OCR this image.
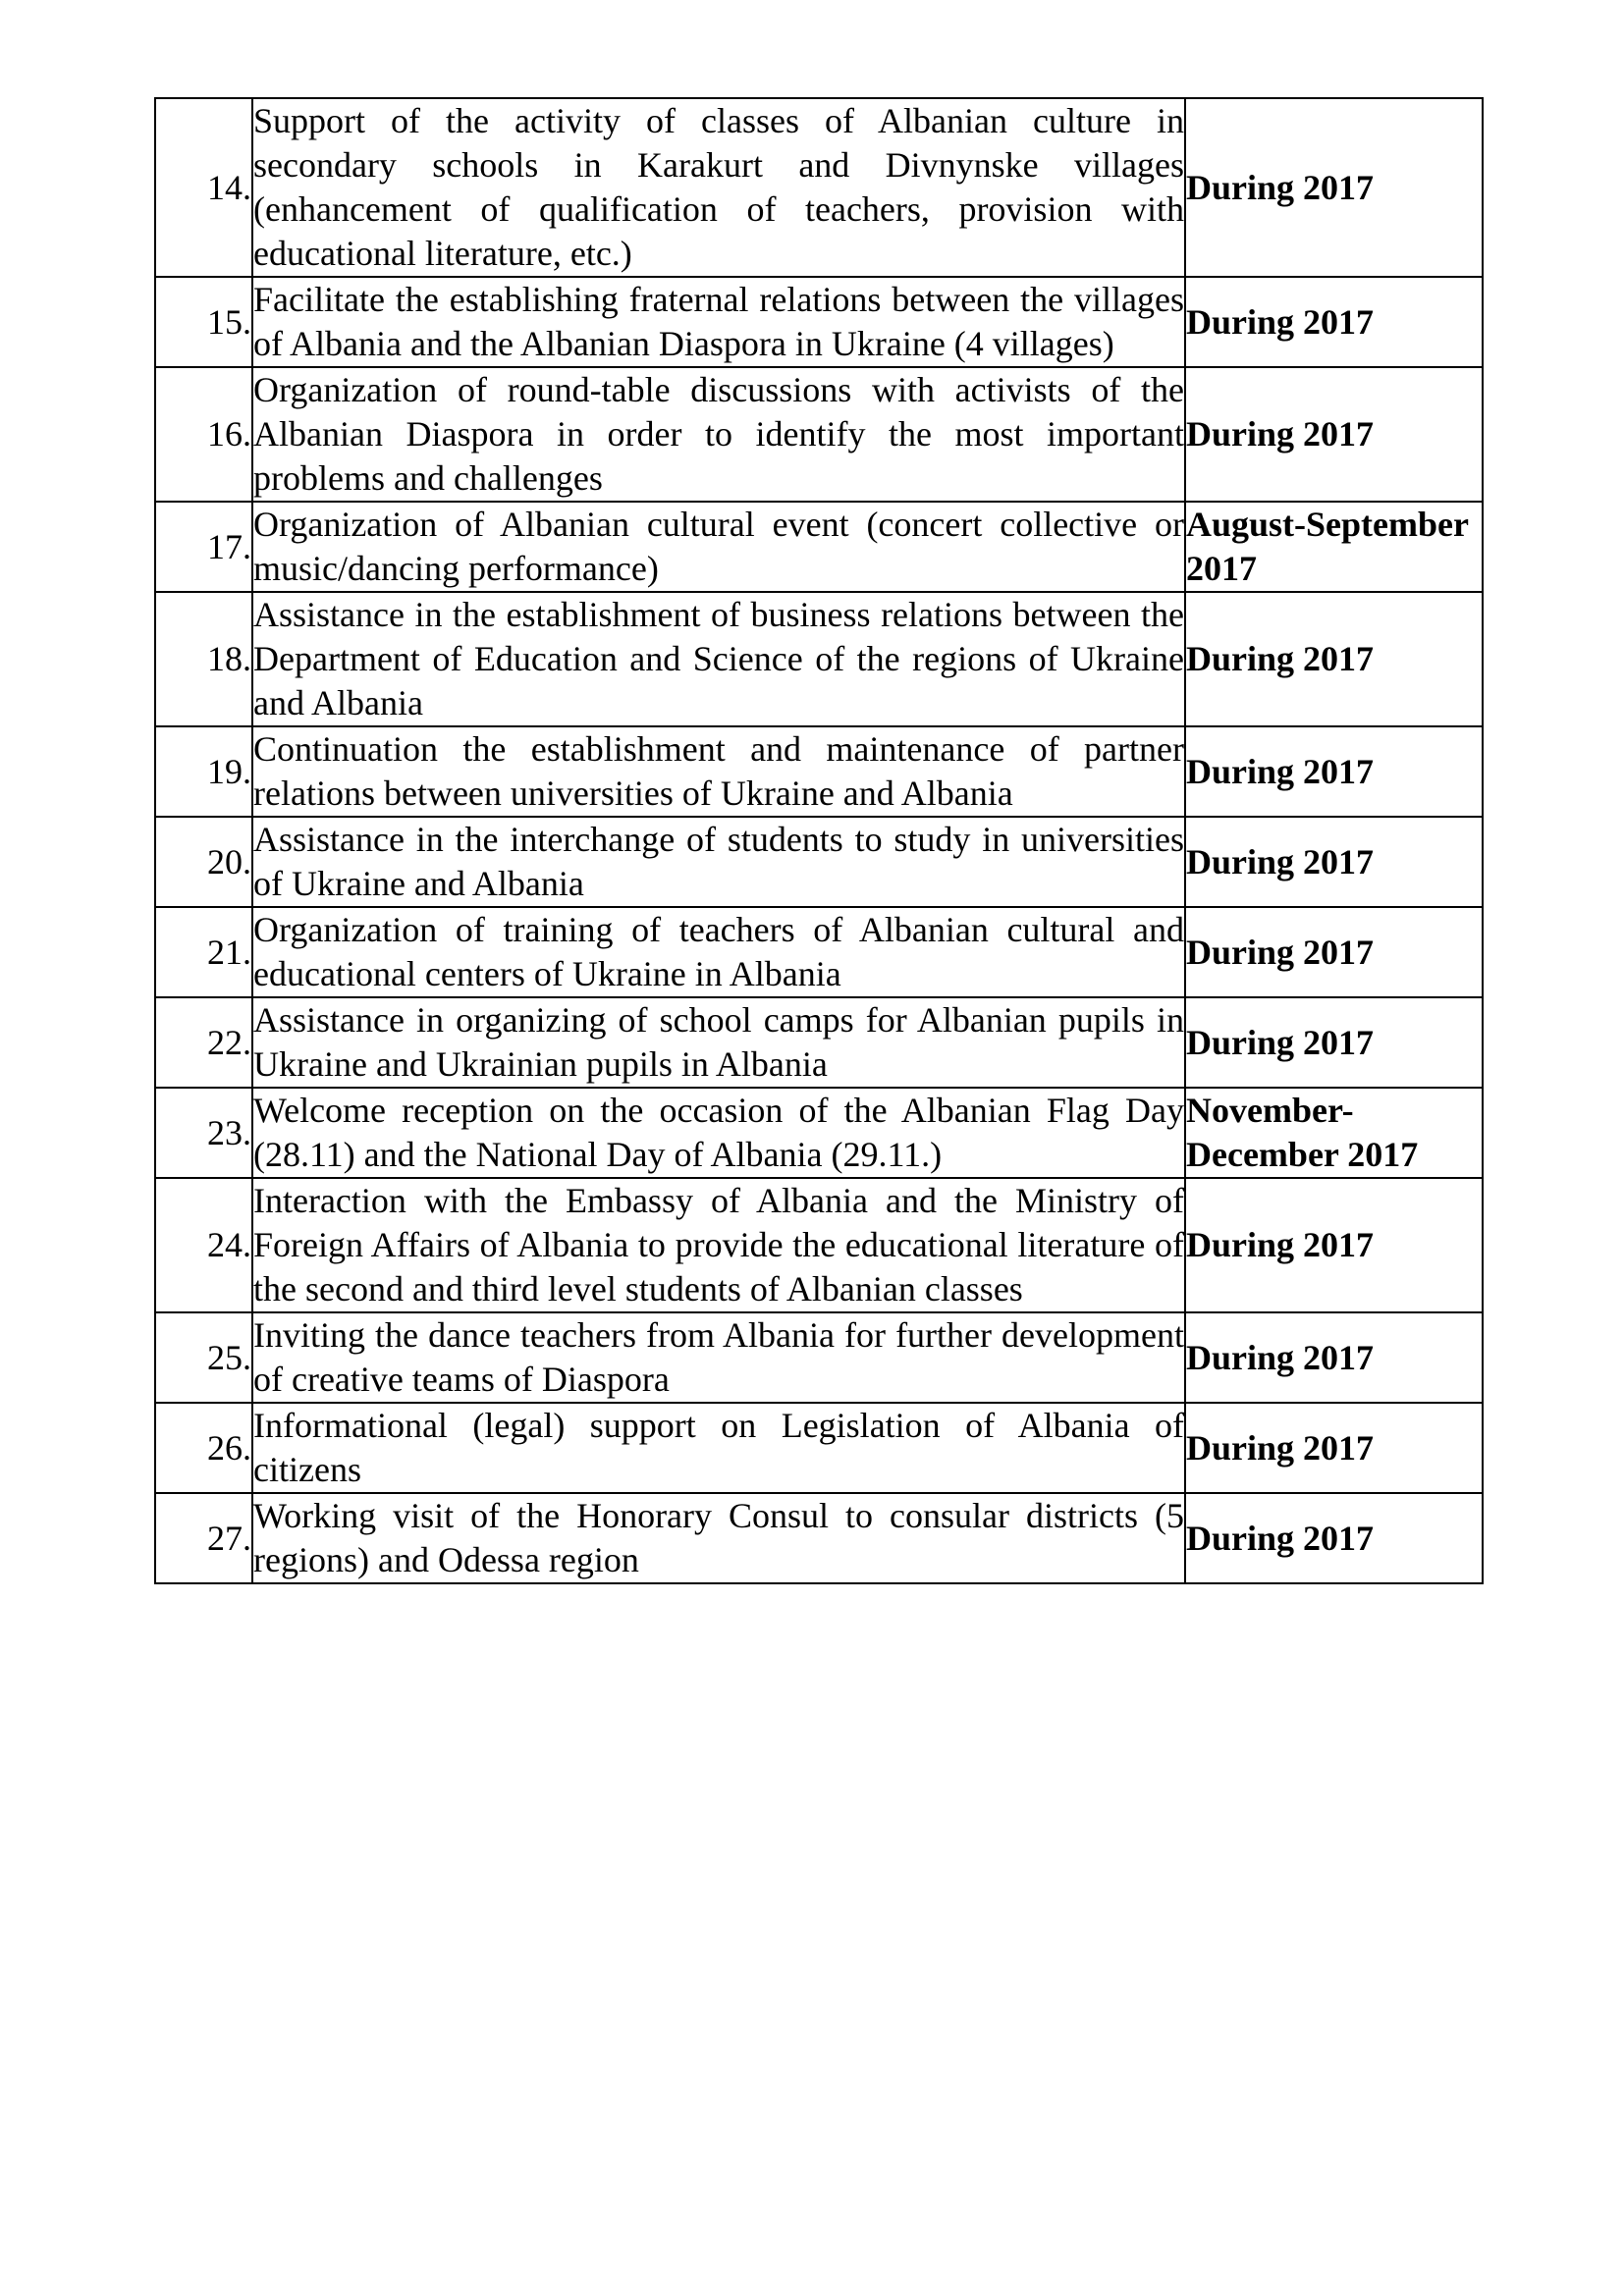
14.	Support of the activity of classes of Albanian culture in secondary schools in Karakurt and Divnynske villages (enhancement of qualification of teachers, provision with educational literature, etc.)	During 2017
15.	Facilitate the establishing fraternal relations between the villages of Albania and the Albanian Diaspora in Ukraine (4 villages)	During 2017
16.	Organization of round-table discussions with activists of the Albanian Diaspora in order to identify the most important problems and challenges	During 2017
17.	Organization of Albanian cultural event (concert collective or music/dancing performance)	August-September 2017
18.	Assistance in the establishment of business relations between the Department of Education and Science of the regions of Ukraine and Albania	During 2017
19.	Continuation the establishment and maintenance of partner relations between universities of Ukraine and Albania	During 2017
20.	Assistance in the interchange of students to study in universities of Ukraine and Albania	During 2017
21.	Organization of training of teachers of Albanian cultural and educational centers of Ukraine in Albania	During 2017
22.	Assistance in organizing of school camps for Albanian pupils in Ukraine and Ukrainian pupils in Albania	During 2017
23.	Welcome reception on the occasion of the Albanian Flag Day (28.11) and the National Day of Albania (29.11.)	November-December 2017
24.	Interaction with the Embassy of Albania and the Ministry of Foreign Affairs of Albania to provide the educational literature of the second and third level students of Albanian classes	During 2017
25.	Inviting the dance teachers from Albania for further development of creative teams of Diaspora	During 2017
26.	Informational (legal) support on Legislation of Albania of citizens	During 2017
27.	Working visit of the Honorary Consul to consular districts (5 regions) and Odessa region	During 2017
